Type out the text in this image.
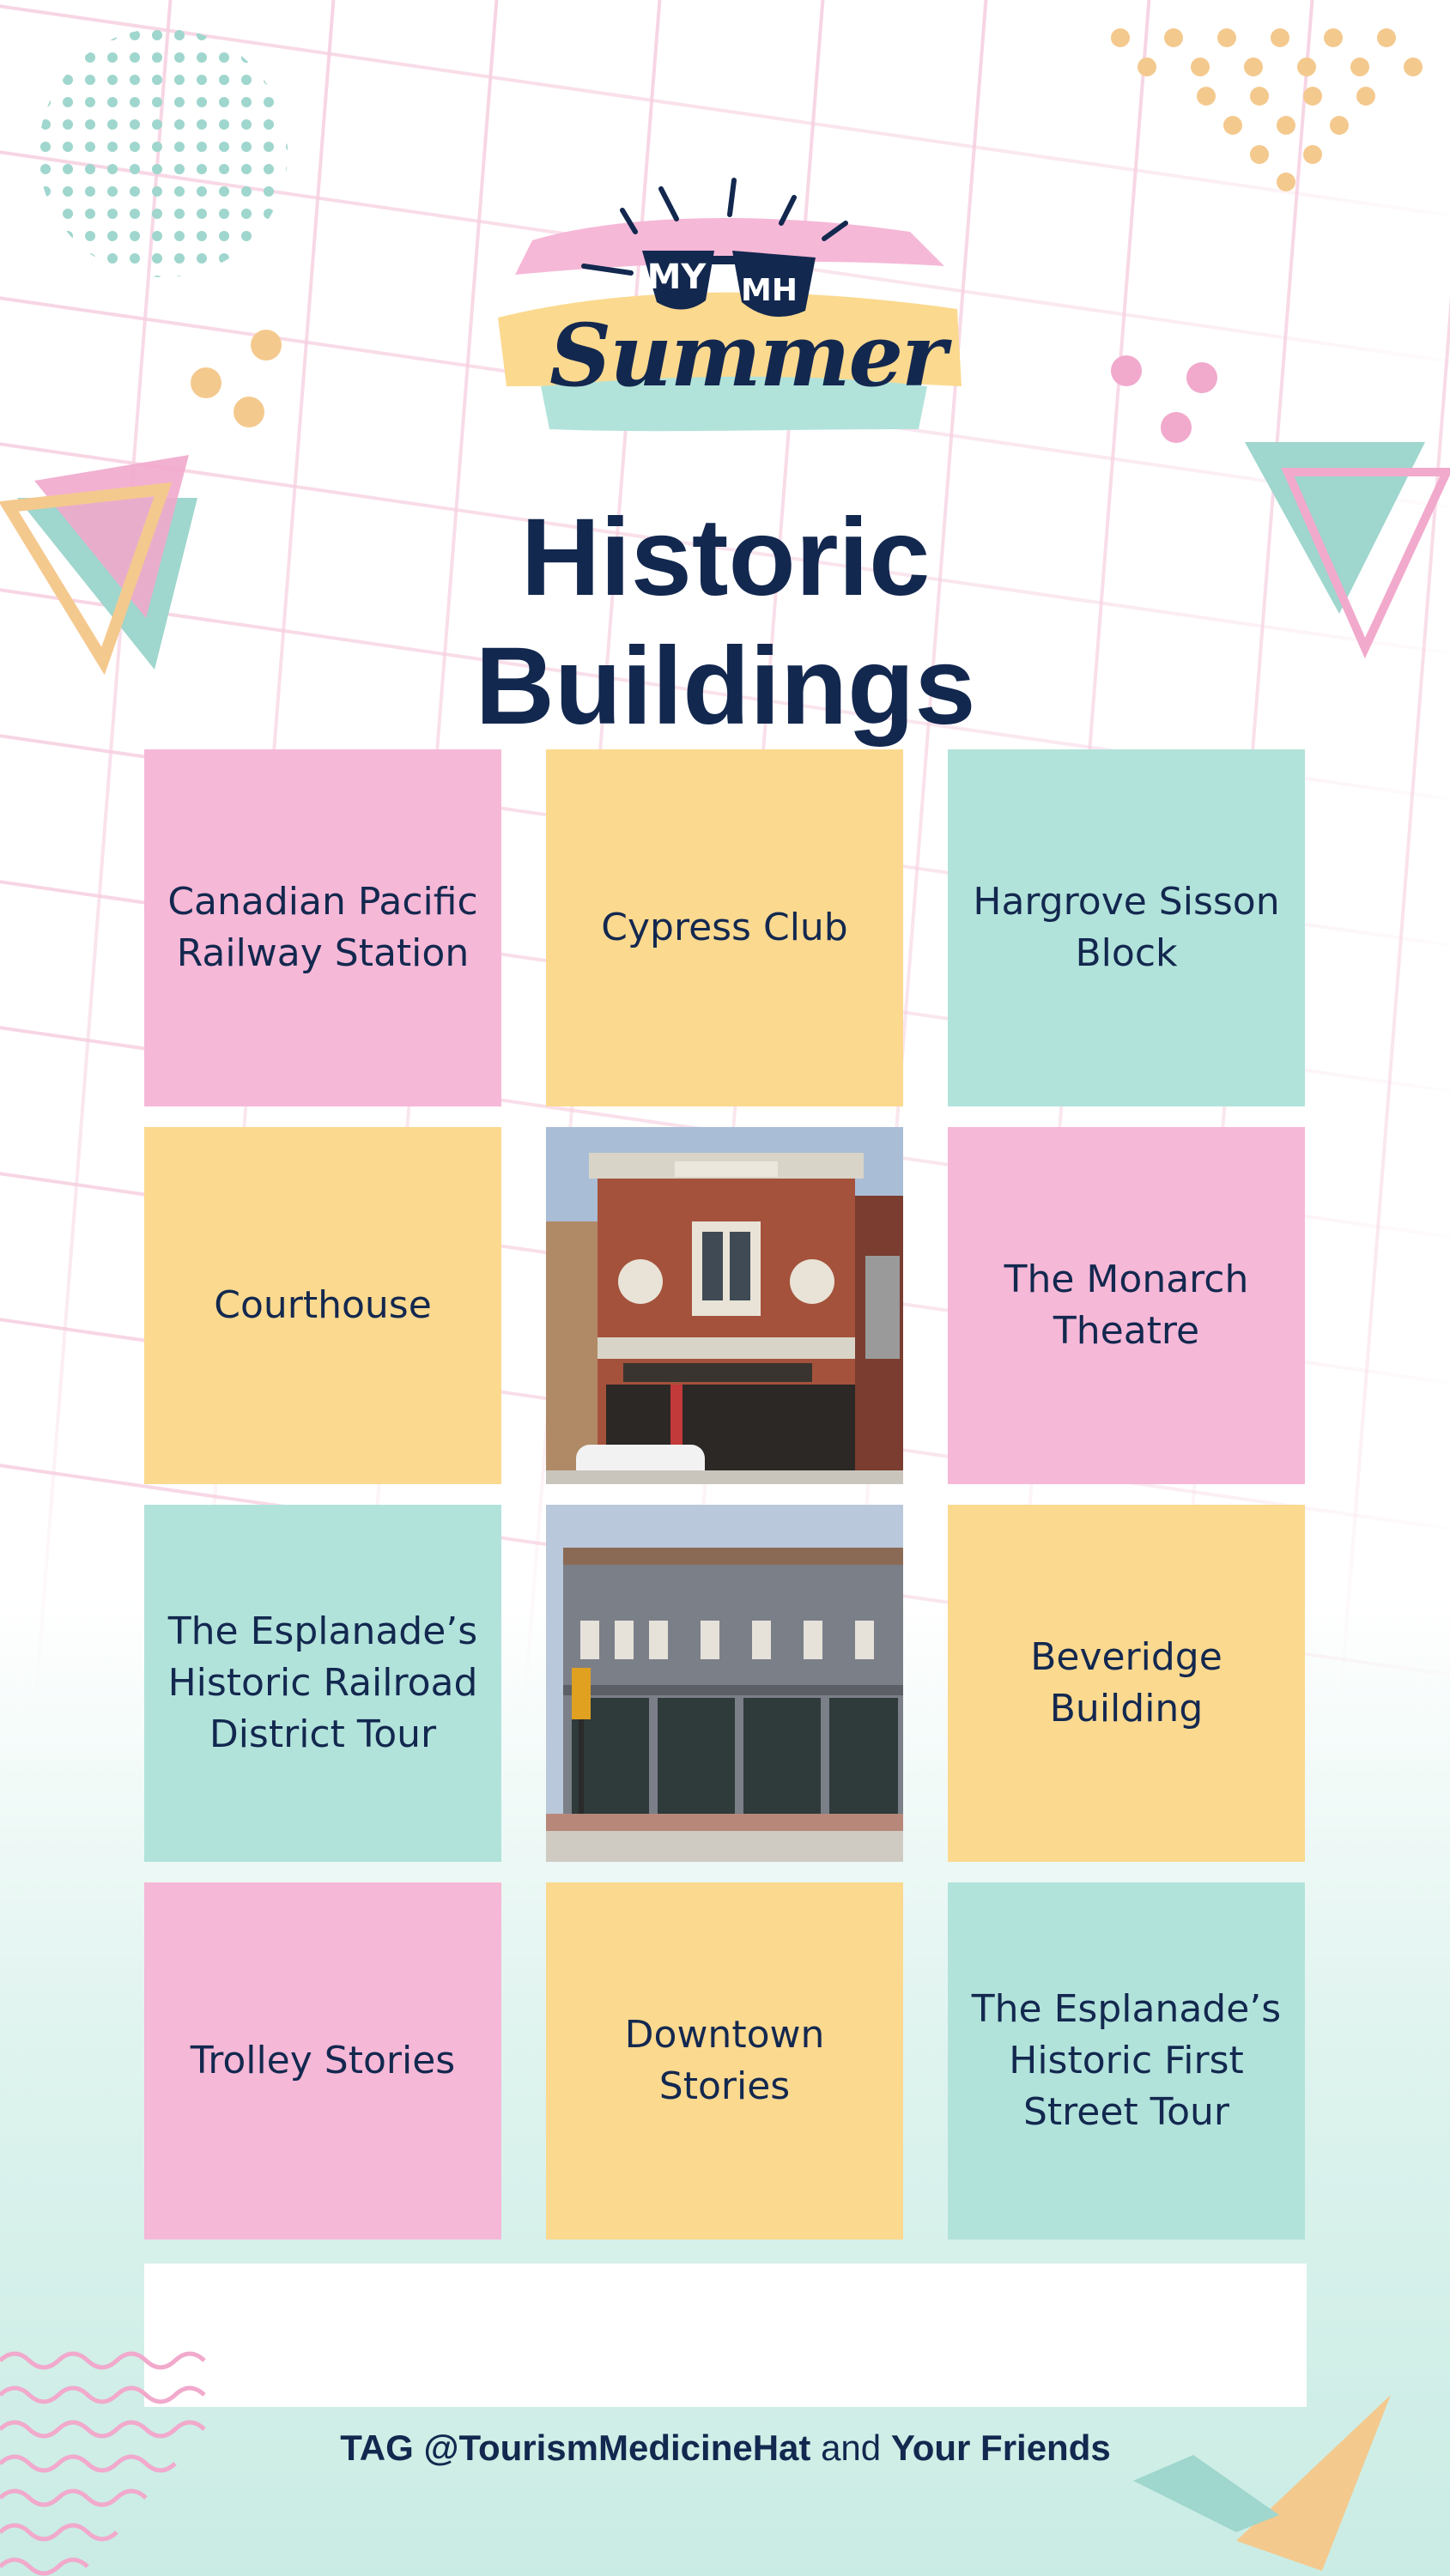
MY MH
Summer
Historic
Buildings
Canadian Pacific Railway Station
Cypress Club
Hargrove Sisson Block
Courthouse
The Monarch Theatre
The Esplanade’s Historic Railroad District Tour
Beveridge Building
Trolley Stories
Downtown Stories
The Esplanade’s Historic First Street Tour
TAG @TourismMedicineHat and Your Friends
